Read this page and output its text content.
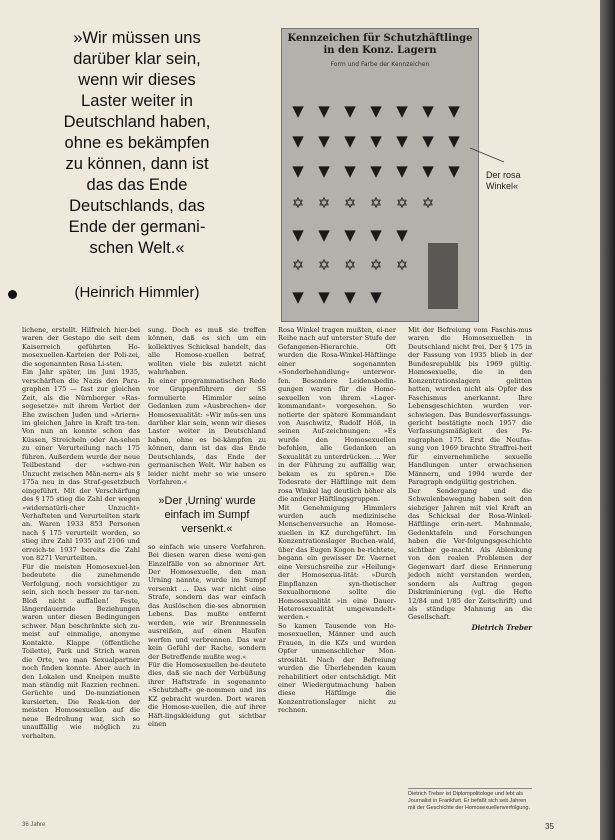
»Wir müssen uns
darüber klar sein,
wenn wir dieses
Laster weiter in
Deutschland haben,
ohne es bekämpfen
zu können, dann ist
das das Ende
Deutschlands, das
Ende der germani-
schen Welt.«
(Heinrich Himmler)
Kennzeichen für Schutzhäftlinge
in den Konz. Lagern
Form und Farbe der Kennzeichen
▼ ▼ ▼ ▼ ▼ ▼ ▼
▼ ▼ ▼ ▼ ▼ ▼ ▼
▼ ▼ ▼ ▼ ▼ ▼ ▼
✡ ✡ ✡ ✡ ✡ ✡
▼ ▼ ▼ ▼ ▼
✡ ✡ ✡ ✡ ✡
▼ ▼ ▼ ▼
Der rosa
Winkel«

lichene, erstellt. Hilfreich hier-bei waren der Gestapo die seit dem Kaiserreich geführten Ho-mosexuellen-Karteien der Poli-zei, die sogenannten Rosa Li-sten.

Ein Jahr später, im Juni 1935, verschärften die Nazis den Para-graphen 175 — fast zur gleichen Zeit, als die Nürnberger »Ras-segesetze« mit ihrem Verbot der Ehe zwischen Juden und »Ariern« im gleichen Jahre in Kraft tra-ten. Von nun an konnte schon das Küssen, Streicheln oder An-sehen zu einer Verurteilung nach 175 führen. Außerdem wurde der neue Teilbestand der »schwe-ren Unzucht zwischen Män-nern« als § 175a neu in das Straf-gesetzbuch eingeführt. Mit der Verschärfung des § 175 stieg die Zahl der wegen »widernatürli-cher Unzucht« Verhafteten und Verurteilten stark an. Waren 1933 853 Personen nach § 175 verurteilt worden, so stieg ihre Zahl 1935 auf 2106 und erreich-te 1937 bereits die Zahl von 8271 Verurteilten.

Für die meisten Homosexuel-len bedeutete die zunehmende Verfolgung, noch vorsichtiger zu sein, sich noch besser zu tar-nen. Bloß nicht auffallen! Feste, längerdauernde Beziehungen waren unter diesen Bedingungen schwer. Man beschränkte sich zu-meist auf einmalige, anonyme Kontakte. Klappe (öffentliche Toilette), Park und Strich waren die Orte, wo man Sexualpartner noch finden konnte. Aber auch in den Lokalen und Kneipen mußte man ständig mit Razzien rechnen. Gerüchte und De-nunziationen kursierten. Die Reak-tion der meisten Homosexuellen auf die neue Bedrohung war, sich so unauffällig wie möglich zu verhalten.

sung. Doch es muß sie treffen können, daß es sich um ein kollektives Schicksal handelt, das alle Homose-xuellen betraf, wollten viele bis zuletzt nicht wahrhaben.

In einer programmatischen Rede vor Gruppenführern der SS formulierte Himmler seine Gedanken zum »Ausbrechen« der Homosexualität: »Wir müs-sen uns darüber klar sein, wenn wir dieses Laster weiter in Deutschland haben, ohne es be-kämpfen zu können, dann ist das das Ende Deutschlands, das Ende der germanischen Welt. Wir haben es leider nicht mehr so wie unsere Vorfahren.«

»Der ‚Urning‘ wurde einfach im Sumpf versenkt.«

so einfach wie unsere Vorfahren. Bei diesen waren diese weni-gen Einzelfälle von so abnormer Art. Der Homosexuelle, den man Urning nannte, wurde im Sumpf versenkt ... Das war nicht eine Strafe, sondern das war einfach das Auslöschen die-ses abnormen Lebens. Das mußte entfernt werden, wie wir Brennnesseln ausreißen, auf einen Haufen werfen und verbrennen. Das war kein Gefühl der Rache, sondern der Betreffende mußte weg.«

Für die Homosexuellen be-deutete dies, daß sie nach der Verbüßung ihrer Haftstrafe in sogenannte »Schutzhaft« ge-nommen und ins KZ gebracht wurden. Dort waren die Homose-xuellen, die auf ihrer Häft-lingskleidung gut sichtbar einen

Rosa Winkel tragen mußten, ei-ner Reihe nach auf unterster Stufe der Gefangenen-Hierarchie. Oft wurden die Rosa-Winkel-Häftlinge einer sogenannten »Sonderbehandlung« unterwor-fen. Besondere Leidensbedin-gungen waren für die Homo-sexuellen von ihrem »Lager-kommandant« vorgesehen. So notierte der spätere Kommandant von Auschwitz, Rudolf Höß, in seinen Auf-zeichnungen: »Es wurde den Homosexuellen befohlen, alle Gedanken an Sexualität zu unterdrücken. ... Wer in der Führung zu auffällig war, bekam es zu spüren.« Die Todesrate der Häftlinge mit dem rosa Winkel lag deutlich höher als die anderer Häftlingsgruppen.

Mit Genehmigung Himmlers wurden auch medizinische Menschenversuche an Homose-xuellen in KZ durchgeführt. Im Konzentrationslager Buchen-wald, über das Eugen Kogon be-richtete, begann ein gewisser Dr. Vaernet eine Versuchsreihe zur »Heilung« der Homosexua-lität: »Durch Einpflanzen syn-thetischer Sexualhormone sollte die Homosexualität »in eine Dauer-Heterosexualität umgewandelt« werden.«

So kamen Tausende von Ho-mosexuellen, Männer und auch Frauen, in die KZs und wurden Opfer unmenschlicher Mon-strosität. Nach der Befreiung wurden die Überlebenden kaum rehabilitiert oder entschädigt. Mit einer Wiedergutmachung haben diese Häftlinge die Konzentrationslager nicht zu rechnen.

Mit der Befreiung vom Faschis-mus waren die Homosexuellen in Deutschland nicht frei. Der § 175 in der Fassung von 1935 blieb in der Bundesrepublik bis 1969 gültig. Homosexuelle, die in den Konzentrationslagern gelitten hatten, wurden nicht als Opfer des Faschismus anerkannt. Ihre Lebensgeschichten wurden ver-schwiegen. Das Bundesverfassungs-gericht bestätigte noch 1957 die Verfassungsmäßigkeit des Pa-ragraphen 175. Erst die Neufas-sung von 1969 brachte Straffrei-heit für einvernehmliche sexuelle Handlungen unter erwachsenen Männern, und 1994 wurde der Paragraph endgültig gestrichen.

Der Sendergang und die Schwulenbewegung haben seit den siebziger Jahren mit viel Kraft an das Schicksal der Rosa-Winkel-Häftlinge erin-nert. Mahnmale, Gedenktafeln und Forschungen haben die Ver-folgungsgeschichte sichtbar ge-macht. Als Ablenkung von den realen Problemen der Gegenwart darf diese Erinnerung jedoch nicht verstanden werden, sondern als Auftrag gegen Diskriminierung (vgl. die Hefte 12/84 und 1/85 der Zeitschrift) und als ständige Mahnung an die Gesellschaft.

Dietrich Treber

Dietrich Treber ist Diplompolitologe und lebt als Journalist in Frankfurt. Er befaßt sich seit Jahren mit der Geschichte der Homosexuellenverfolgung.
36 Jahre	35
